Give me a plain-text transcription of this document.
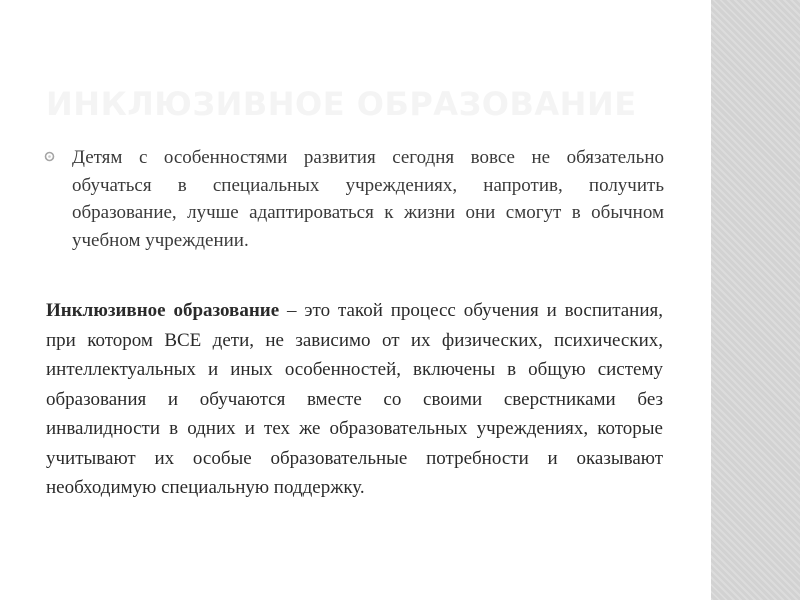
ИНКЛЮЗИВНОЕ ОБРАЗОВАНИЕ

Детям с особенностями развития сегодня вовсе не обязательно обучаться в специальных учреждениях, напротив, получить образование, лучше адаптироваться к жизни они смогут в обычном учебном учреждении.

Инклюзивное образование – это такой процесс обучения и воспитания, при котором ВСЕ дети, не зависимо от их физических, психических, интеллектуальных и иных особенностей, включены в общую систему образования и обучаются вместе со своими сверстниками без инвалидности в одних и тех же образовательных учреждениях, которые учитывают их особые образовательные потребности и оказывают необходимую специальную поддержку.
